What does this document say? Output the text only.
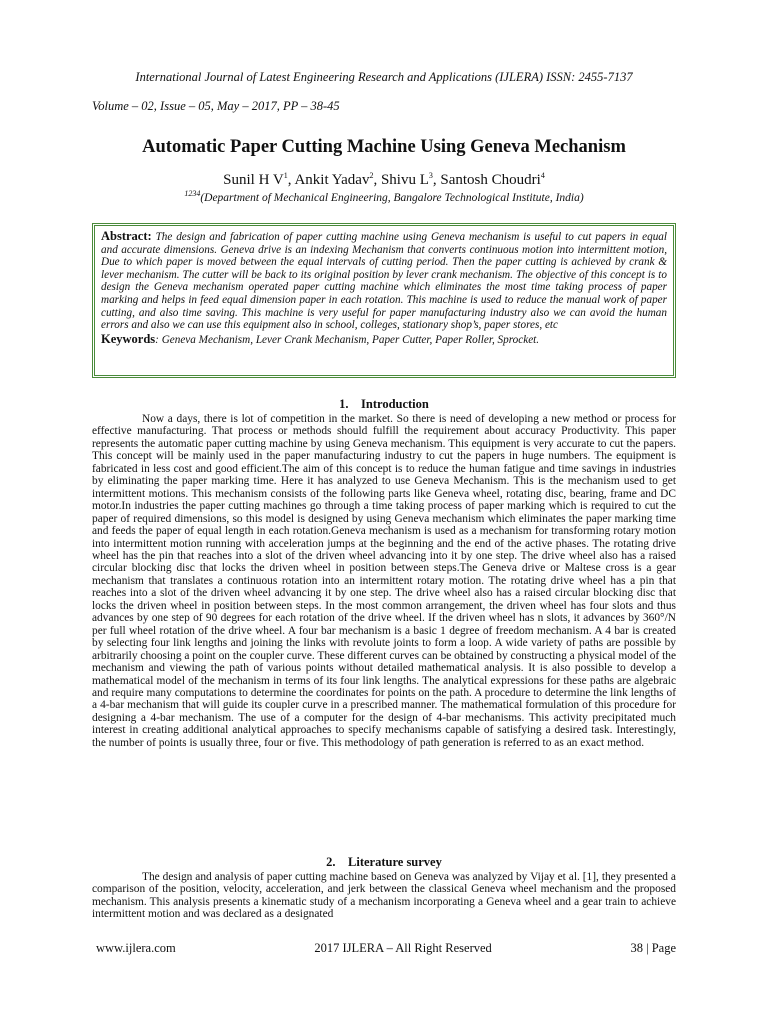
International Journal of Latest Engineering Research and Applications (IJLERA) ISSN: 2455-7137
Volume – 02, Issue – 05, May – 2017, PP – 38-45
Automatic Paper Cutting Machine Using Geneva Mechanism
Sunil H $V^1$, Ankit Yadav$^2$, Shivu $L^3$, Santosh Choudri$^4$
$^{1234}$(Department of Mechanical Engineering, Bangalore Technological Institute, India)
Abstract: The design and fabrication of paper cutting machine using Geneva mechanism is useful to cut papers in equal and accurate dimensions. Geneva drive is an indexing Mechanism that converts continuous motion into intermittent motion, Due to which paper is moved between the equal intervals of cutting period. Then the paper cutting is achieved by crank & lever mechanism. The cutter will be back to its original position by lever crank mechanism. The objective of this concept is to design the Geneva mechanism operated paper cutting machine which eliminates the most time taking process of paper marking and helps in feed equal dimension paper in each rotation. This machine is used to reduce the manual work of paper cutting, and also time saving. This machine is very useful for paper manufacturing industry also we can avoid the human errors and also we can use this equipment also in school, colleges, stationary shop’s, paper stores, etc
Keywords: Geneva Mechanism, Lever Crank Mechanism, Paper Cutter, Paper Roller, Sprocket.
1.    Introduction
Now a days, there is lot of competition in the market. So there is need of developing a new method or process for effective manufacturing. That process or methods should fulfill the requirement about accuracy Productivity. This paper represents the automatic paper cutting machine by using Geneva mechanism. This equipment is very accurate to cut the papers. This concept will be mainly used in the paper manufacturing industry to cut the papers in huge numbers. The equipment is fabricated in less cost and good efficient.The aim of this concept is to reduce the human fatigue and time savings in industries by eliminating the paper marking time. Here it has analyzed to use Geneva Mechanism. This is the mechanism used to get intermittent motions. This mechanism consists of the following parts like Geneva wheel, rotating disc, bearing, frame and DC motor.In industries the paper cutting machines go through a time taking process of paper marking which is required to cut the paper of required dimensions, so this model is designed by using Geneva mechanism which eliminates the paper marking time and feeds the paper of equal length in each rotation.Geneva mechanism is used as a mechanism for transforming rotary motion into intermittent motion running with acceleration jumps at the beginning and the end of the active phases. The rotating drive wheel has the pin that reaches into a slot of the driven wheel advancing into it by one step. The drive wheel also has a raised circular blocking disc that locks the driven wheel in position between steps.The Geneva drive or Maltese cross is a gear mechanism that translates a continuous rotation into an intermittent rotary motion. The rotating drive wheel has a pin that reaches into a slot of the driven wheel advancing it by one step. The drive wheel also has a raised circular blocking disc that locks the driven wheel in position between steps. In the most common arrangement, the driven wheel has four slots and thus advances by one step of 90 degrees for each rotation of the drive wheel. If the driven wheel has n slots, it advances by 360°/N per full wheel rotation of the drive wheel. A four bar mechanism is a basic 1 degree of freedom mechanism. A 4 bar is created by selecting four link lengths and joining the links with revolute joints to form a loop. A wide variety of paths are possible by arbitrarily choosing a point on the coupler curve. These different curves can be obtained by constructing a physical model of the mechanism and viewing the path of various points without detailed mathematical analysis. It is also possible to develop a mathematical model of the mechanism in terms of its four link lengths. The analytical expressions for these paths are algebraic and require many computations to determine the coordinates for points on the path. A procedure to determine the link lengths of a 4-bar mechanism that will guide its coupler curve in a prescribed manner. The mathematical formulation of this procedure for designing a 4-bar mechanism. The use of a computer for the design of 4-bar mechanisms. This activity precipitated much interest in creating additional analytical approaches to specify mechanisms capable of satisfying a desired task. Interestingly, the number of points is usually three, four or five. This methodology of path generation is referred to as an exact method.
2.    Literature survey
The design and analysis of paper cutting machine based on Geneva was analyzed by Vijay et al. [1], they presented a comparison of the position, velocity, acceleration, and jerk between the classical Geneva wheel mechanism and the proposed mechanism. This analysis presents a kinematic study of a mechanism incorporating a Geneva wheel and a gear train to achieve intermittent motion and was declared as a designated
www.ijlera.com	2017 IJLERA – All Right Reserved	38 | Page
